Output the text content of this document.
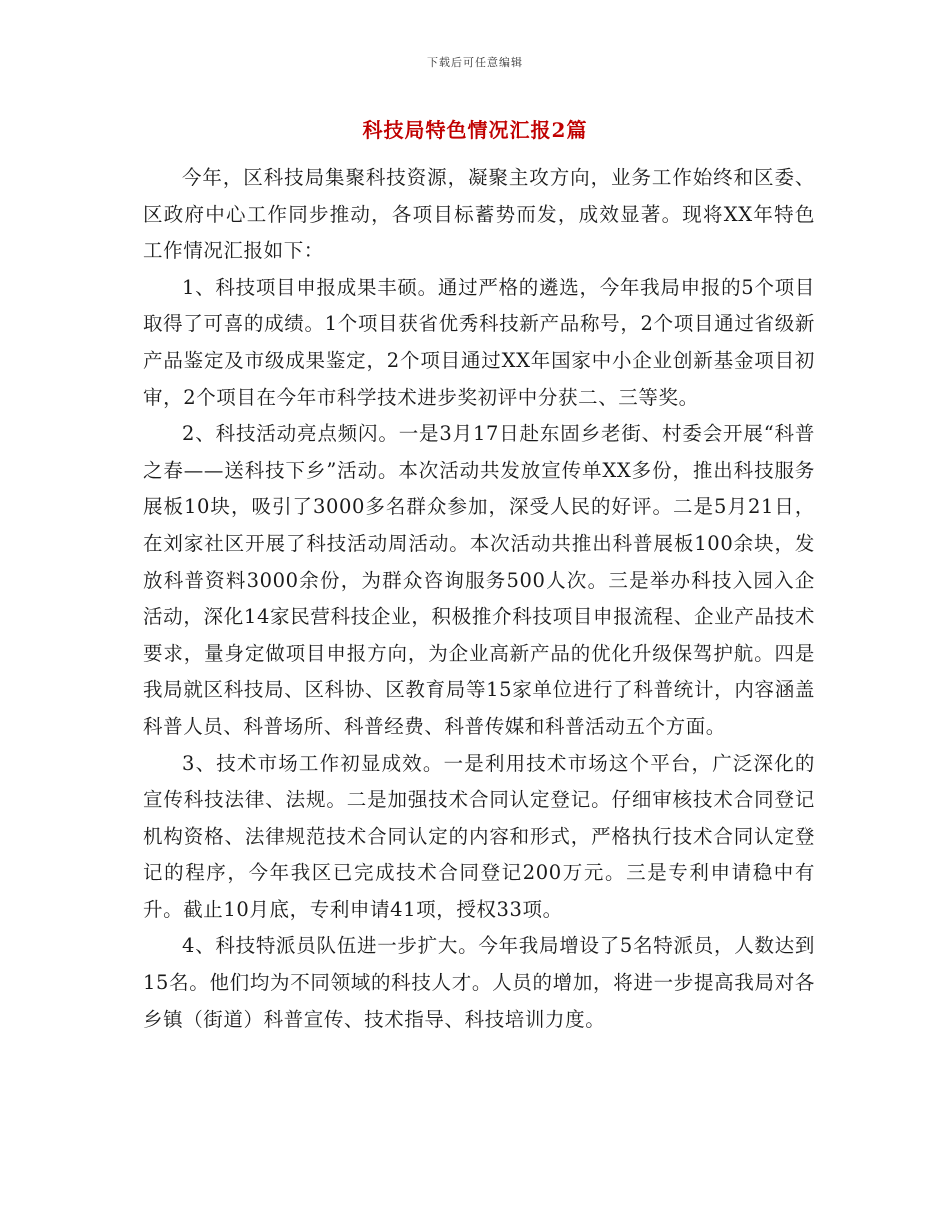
下载后可任意编辑
科技局特色情况汇报2篇

今年，区科技局集聚科技资源，凝聚主攻方向，业务工作始终和区委、区政府中心工作同步推动，各项目标蓄势而发，成效显著。现将XX年特色工作情况汇报如下：

1、科技项目申报成果丰硕。通过严格的遴选，今年我局申报的5个项目取得了可喜的成绩。1个项目获省优秀科技新产品称号，2个项目通过省级新产品鉴定及市级成果鉴定，2个项目通过XX年国家中小企业创新基金项目初审，2个项目在今年市科学技术进步奖初评中分获二、三等奖。

2、科技活动亮点频闪。一是3月17日赴东固乡老街、村委会开展“科普之春——送科技下乡”活动。本次活动共发放宣传单XX多份，推出科技服务展板10块，吸引了3000多名群众参加，深受人民的好评。二是5月21日，在刘家社区开展了科技活动周活动。本次活动共推出科普展板100余块，发放科普资料3000余份，为群众咨询服务500人次。三是举办科技入园入企活动，深化14家民营科技企业，积极推介科技项目申报流程、企业产品技术要求，量身定做项目申报方向，为企业高新产品的优化升级保驾护航。四是我局就区科技局、区科协、区教育局等15家单位进行了科普统计，内容涵盖科普人员、科普场所、科普经费、科普传媒和科普活动五个方面。

3、技术市场工作初显成效。一是利用技术市场这个平台，广泛深化的宣传科技法律、法规。二是加强技术合同认定登记。仔细审核技术合同登记机构资格、法律规范技术合同认定的内容和形式，严格执行技术合同认定登记的程序，今年我区已完成技术合同登记200万元。三是专利申请稳中有升。截止10月底，专利申请41项，授权33项。

4、科技特派员队伍进一步扩大。今年我局增设了5名特派员，人数达到15名。他们均为不同领域的科技人才。人员的增加，将进一步提高我局对各乡镇（街道）科普宣传、技术指导、科技培训力度。
